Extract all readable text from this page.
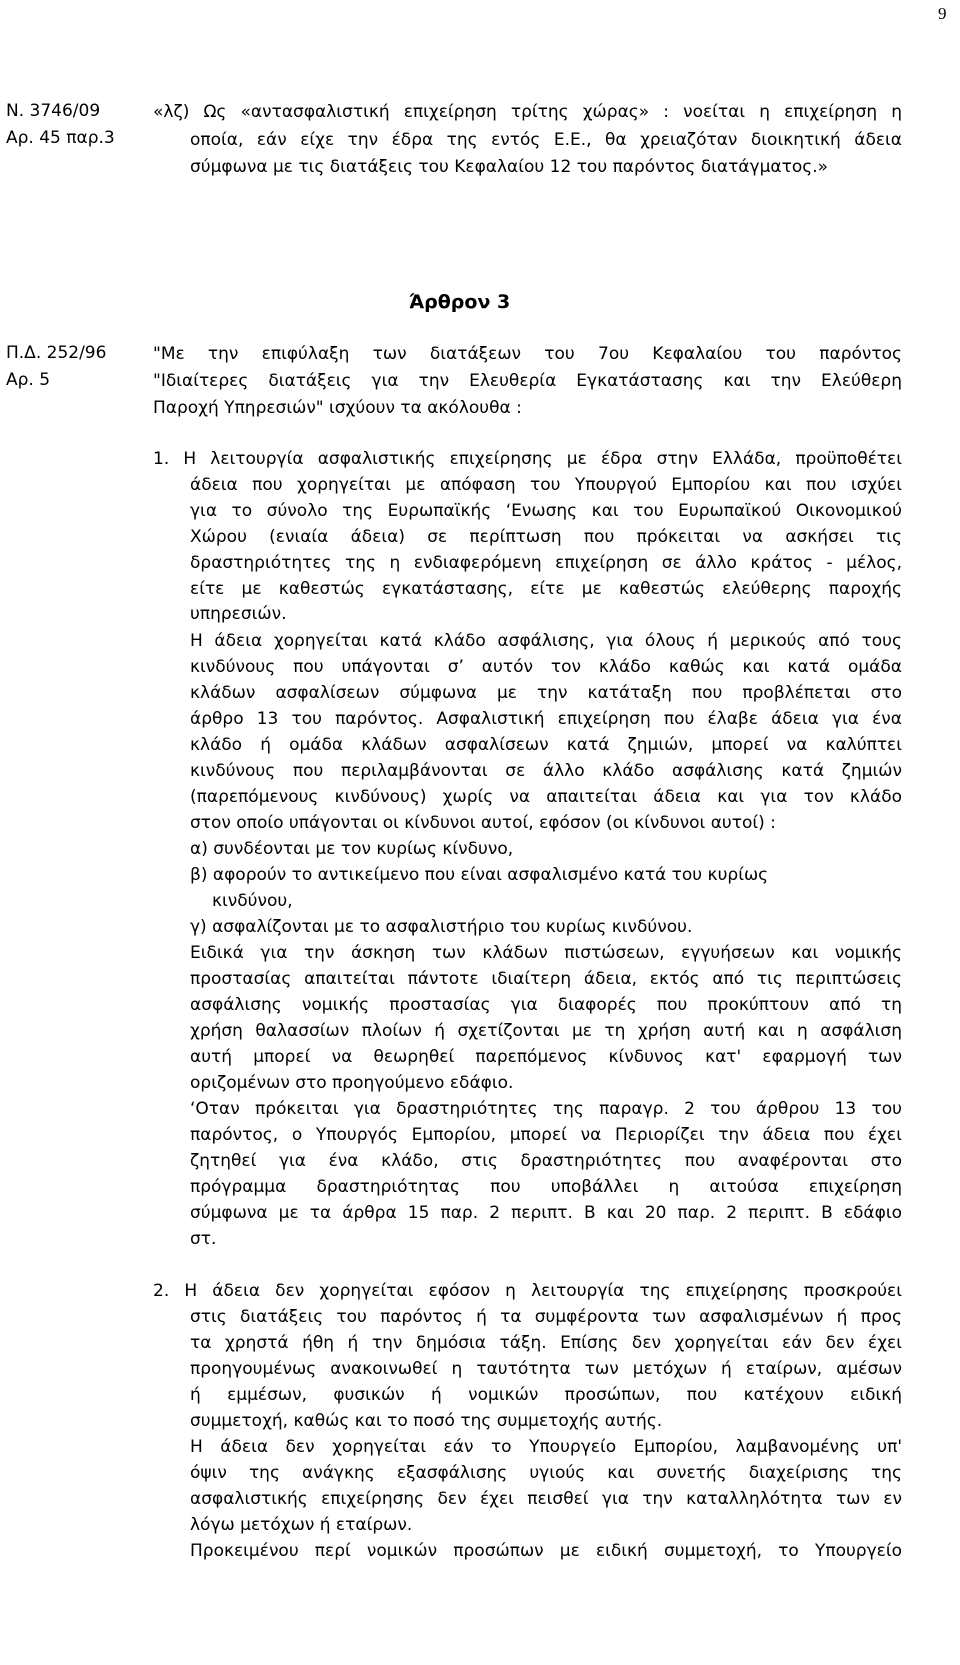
9
Ν. 3746/09
Αρ. 45 παρ.3
Άρθρον 3
Π.Δ. 252/96
Αρ. 5
«λζ) Ως «αντασφαλιστική επιχείρηση τρίτης χώρας» : νοείται η επιχείρηση η
οποία, εάν είχε την έδρα της εντός Ε.Ε., θα χρειαζόταν διοικητική άδεια
σύμφωνα με τις διατάξεις του Κεφαλαίου 12 του παρόντος διατάγματος.»
"Με την επιφύλαξη των διατάξεων του 7ου Κεφαλαίου του παρόντος
"Ιδιαίτερες διατάξεις για την Ελευθερία Εγκατάστασης και την Ελεύθερη
Παροχή Υπηρεσιών" ισχύουν τα ακόλουθα :
1. Η λειτουργία ασφαλιστικής επιχείρησης με έδρα στην Ελλάδα, προϋποθέτει
άδεια που χορηγείται με απόφαση του Υπουργού Εμπορίου και που ισχύει
για το σύνολο της Ευρωπαϊκής ‘Ενωσης και του Ευρωπαϊκού Οικονομικού
Χώρου (ενιαία άδεια) σε περίπτωση που πρόκειται να ασκήσει τις
δραστηριότητες της η ενδιαφερόμενη επιχείρηση σε άλλο κράτος - μέλος,
είτε με καθεστώς εγκατάστασης, είτε με καθεστώς ελεύθερης παροχής
υπηρεσιών.
Η άδεια χορηγείται κατά κλάδο ασφάλισης, για όλους ή μερικούς από τους
κινδύνους που υπάγονται σ’ αυτόν τον κλάδο καθώς και κατά ομάδα
κλάδων ασφαλίσεων σύμφωνα με την κατάταξη που προβλέπεται στο
άρθρο 13 του παρόντος. Ασφαλιστική επιχείρηση που έλαβε άδεια για ένα
κλάδο ή ομάδα κλάδων ασφαλίσεων κατά ζημιών, μπορεί να καλύπτει
κινδύνους που περιλαμβάνονται σε άλλο κλάδο ασφάλισης κατά ζημιών
(παρεπόμενους κινδύνους) χωρίς να απαιτείται άδεια και για τον κλάδο
στον οποίο υπάγονται οι κίνδυνοι αυτοί, εφόσον (οι κίνδυνοι αυτοί) :
α) συνδέονται με τον κυρίως κίνδυνο,
β) αφορούν το αντικείμενο που είναι ασφαλισμένο κατά του κυρίως
κινδύνου,
γ) ασφαλίζονται με το ασφαλιστήριο του κυρίως κινδύνου.
Ειδικά για την άσκηση των κλάδων πιστώσεων, εγγυήσεων και νομικής
προστασίας απαιτείται πάντοτε ιδιαίτερη άδεια, εκτός από τις περιπτώσεις
ασφάλισης νομικής προστασίας για διαφορές που προκύπτουν από τη
χρήση θαλασσίων πλοίων ή σχετίζονται με τη χρήση αυτή και η ασφάλιση
αυτή μπορεί να θεωρηθεί παρεπόμενος κίνδυνος κατ' εφαρμογή των
οριζομένων στο προηγούμενο εδάφιο.
‘Οταν πρόκειται για δραστηριότητες της παραγρ. 2 του άρθρου 13 του
παρόντος, ο Υπουργός Εμπορίου, μπορεί να Περιορίζει την άδεια που έχει
ζητηθεί για ένα κλάδο, στις δραστηριότητες που αναφέρονται στο
πρόγραμμα δραστηριότητας που υποβάλλει η αιτούσα επιχείρηση
σύμφωνα με τα άρθρα 15 παρ. 2 περιπτ. Β και 20 παρ. 2 περιπτ. Β εδάφιο
στ.
2. Η άδεια δεν χορηγείται εφόσον η λειτουργία της επιχείρησης προσκρούει
στις διατάξεις του παρόντος ή τα συμφέροντα των ασφαλισμένων ή προς
τα χρηστά ήθη ή την δημόσια τάξη. Επίσης δεν χορηγείται εάν δεν έχει
προηγουμένως ανακοινωθεί η ταυτότητα των μετόχων ή εταίρων, αμέσων
ή εμμέσων, φυσικών ή νομικών προσώπων, που κατέχουν ειδική
συμμετοχή, καθώς και το ποσό της συμμετοχής αυτής.
Η άδεια δεν χορηγείται εάν το Υπουργείο Εμπορίου, λαμβανομένης υπ'
όψιν της ανάγκης εξασφάλισης υγιούς και συνετής διαχείρισης της
ασφαλιστικής επιχείρησης δεν έχει πεισθεί για την καταλληλότητα των εν
λόγω μετόχων ή εταίρων.
Προκειμένου περί νομικών προσώπων με ειδική συμμετοχή, το Υπουργείο
